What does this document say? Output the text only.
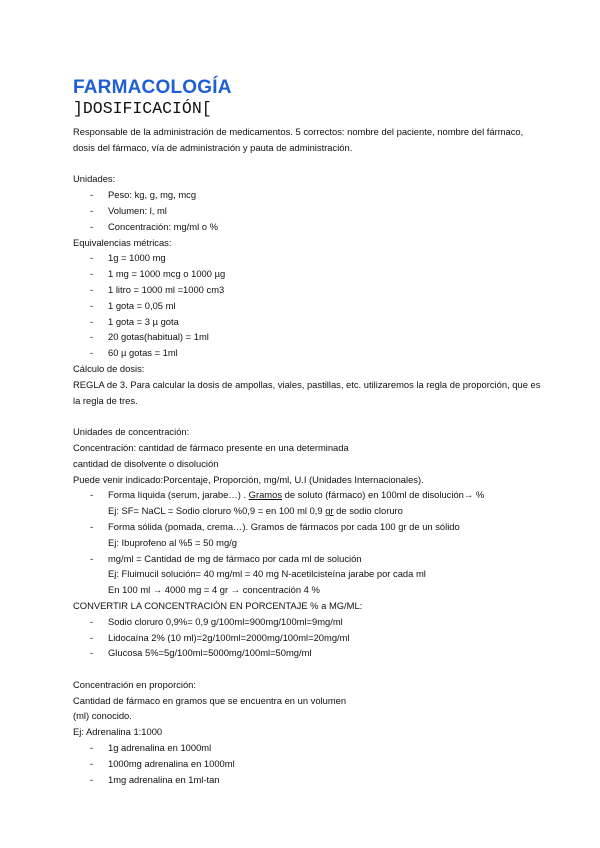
FARMACOLOGÍA
]DOSIFICACIÓN[
Responsable de la administración de medicamentos. 5 correctos: nombre del paciente, nombre del fármaco, dosis del fármaco, vía de administración y pauta de administración.
Unidades:
- Peso: kg, g, mg, mcg
- Volumen: l, ml
- Concentración: mg/ml o %
Equivalencias métricas:
- 1g = 1000 mg
- 1 mg = 1000 mcg o 1000 µg
- 1 litro = 1000 ml =1000 cm3
- 1 gota = 0,05 ml
- 1 gota = 3 µ gota
- 20 gotas(habitual) = 1ml
- 60 µ gotas = 1ml
Cálculo de dosis:
REGLA de 3. Para calcular la dosis de ampollas, viales, pastillas, etc. utilizaremos la regla de proporción, que es la regla de tres.
Unidades de concentración:
Concentración: cantidad de fármaco presente en una determinada
cantidad de disolvente o disolución
Puede venir indicado:Porcentaje, Proporción, mg/ml, U.I (Unidades Internacionales).
- Forma líquida (serum, jarabe…) . Gramos de soluto (fármaco) en 100ml de disolución→ %
Ej: SF= NaCL = Sodio cloruro %0,9 = en 100 ml 0,9 gr de sodio cloruro
- Forma sólida (pomada, crema…). Gramos de fármacos por cada 100 gr de un sólido
Ej: Ibuprofeno al %5 = 50 mg/g
- mg/ml = Cantidad de mg de fármaco por cada ml de solución
Ej: Fluimucil solución= 40 mg/ml = 40 mg N-acetilcisteína jarabe por cada ml
En 100 ml → 4000 mg = 4 gr → concentración 4 %
CONVERTIR LA CONCENTRACIÓN EN PORCENTAJE % a MG/ML:
- Sodio cloruro 0,9%= 0,9 g/100ml=900mg/100ml=9mg/ml
- Lidocaína 2% (10 ml)=2g/100ml=2000mg/100ml=20mg/ml
- Glucosa 5%=5g/100ml=5000mg/100ml=50mg/ml
Concentración en proporción:
Cantidad de fármaco en gramos que se encuentra en un volumen
(ml) conocido.
Ej: Adrenalina 1:1000
- 1g adrenalina en 1000ml
- 1000mg adrenalina en 1000ml
- 1mg adrenalina en 1ml-tan
